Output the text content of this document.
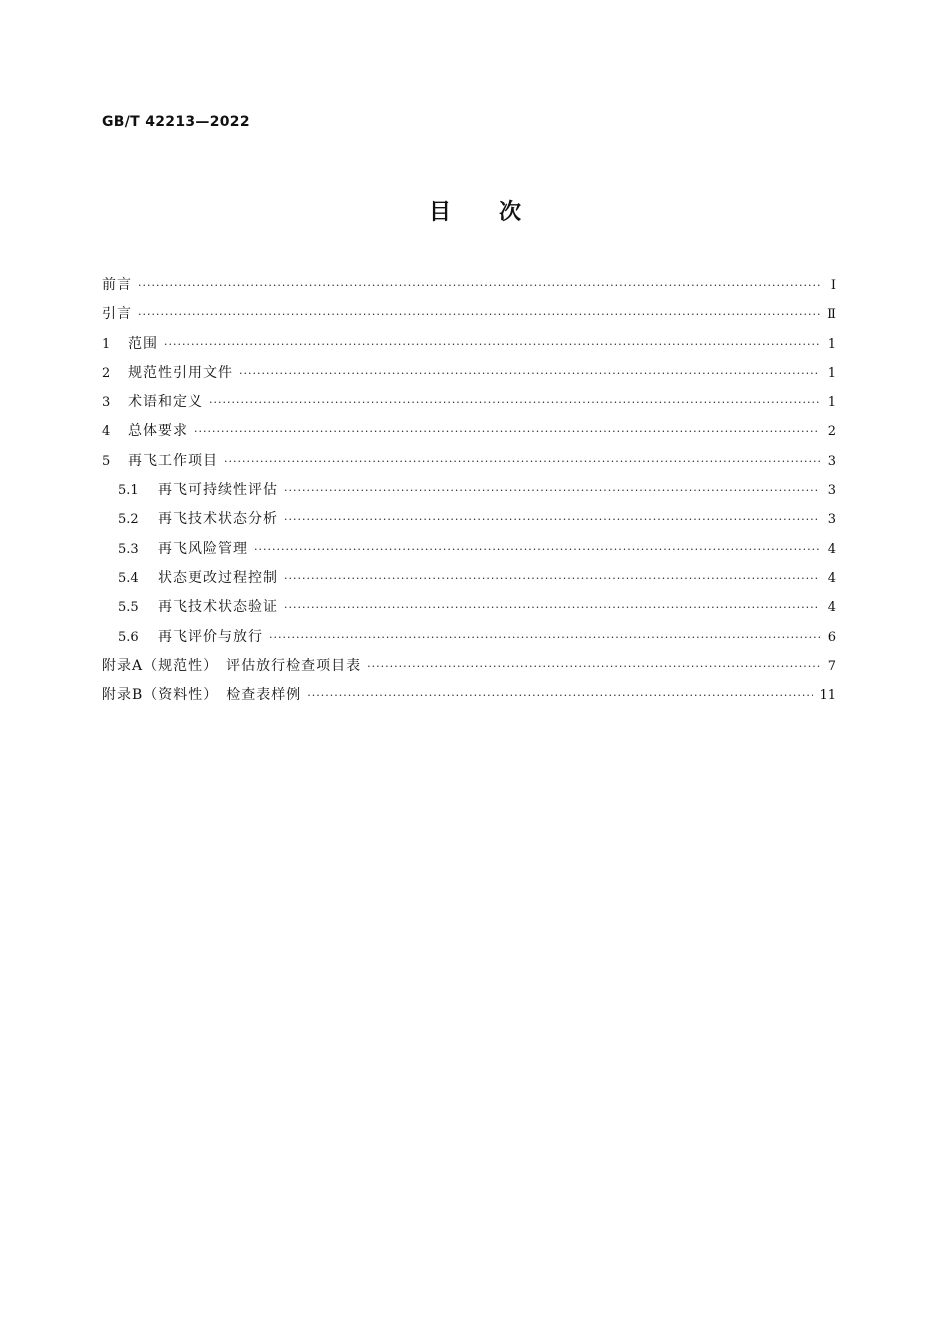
GB/T 42213—2022
目 次
前言 ·····	Ⅰ
引言 ·····	Ⅱ
1	范围 ·····	1
2	规范性引用文件 ·····	1
3	术语和定义 ·····	1
4	总体要求 ·····	2
5	再飞工作项目 ·····	3
5.1	再飞可持续性评估 ·····	3
5.2	再飞技术状态分析 ·····	3
5.3	再飞风险管理 ·····	4
5.4	状态更改过程控制 ·····	4
5.5	再飞技术状态验证 ·····	4
5.6	再飞评价与放行 ·····	6
附录A（规范性）　评估放行检查项目表 ·····	7
附录B（资料性）　检查表样例 ·····	11
